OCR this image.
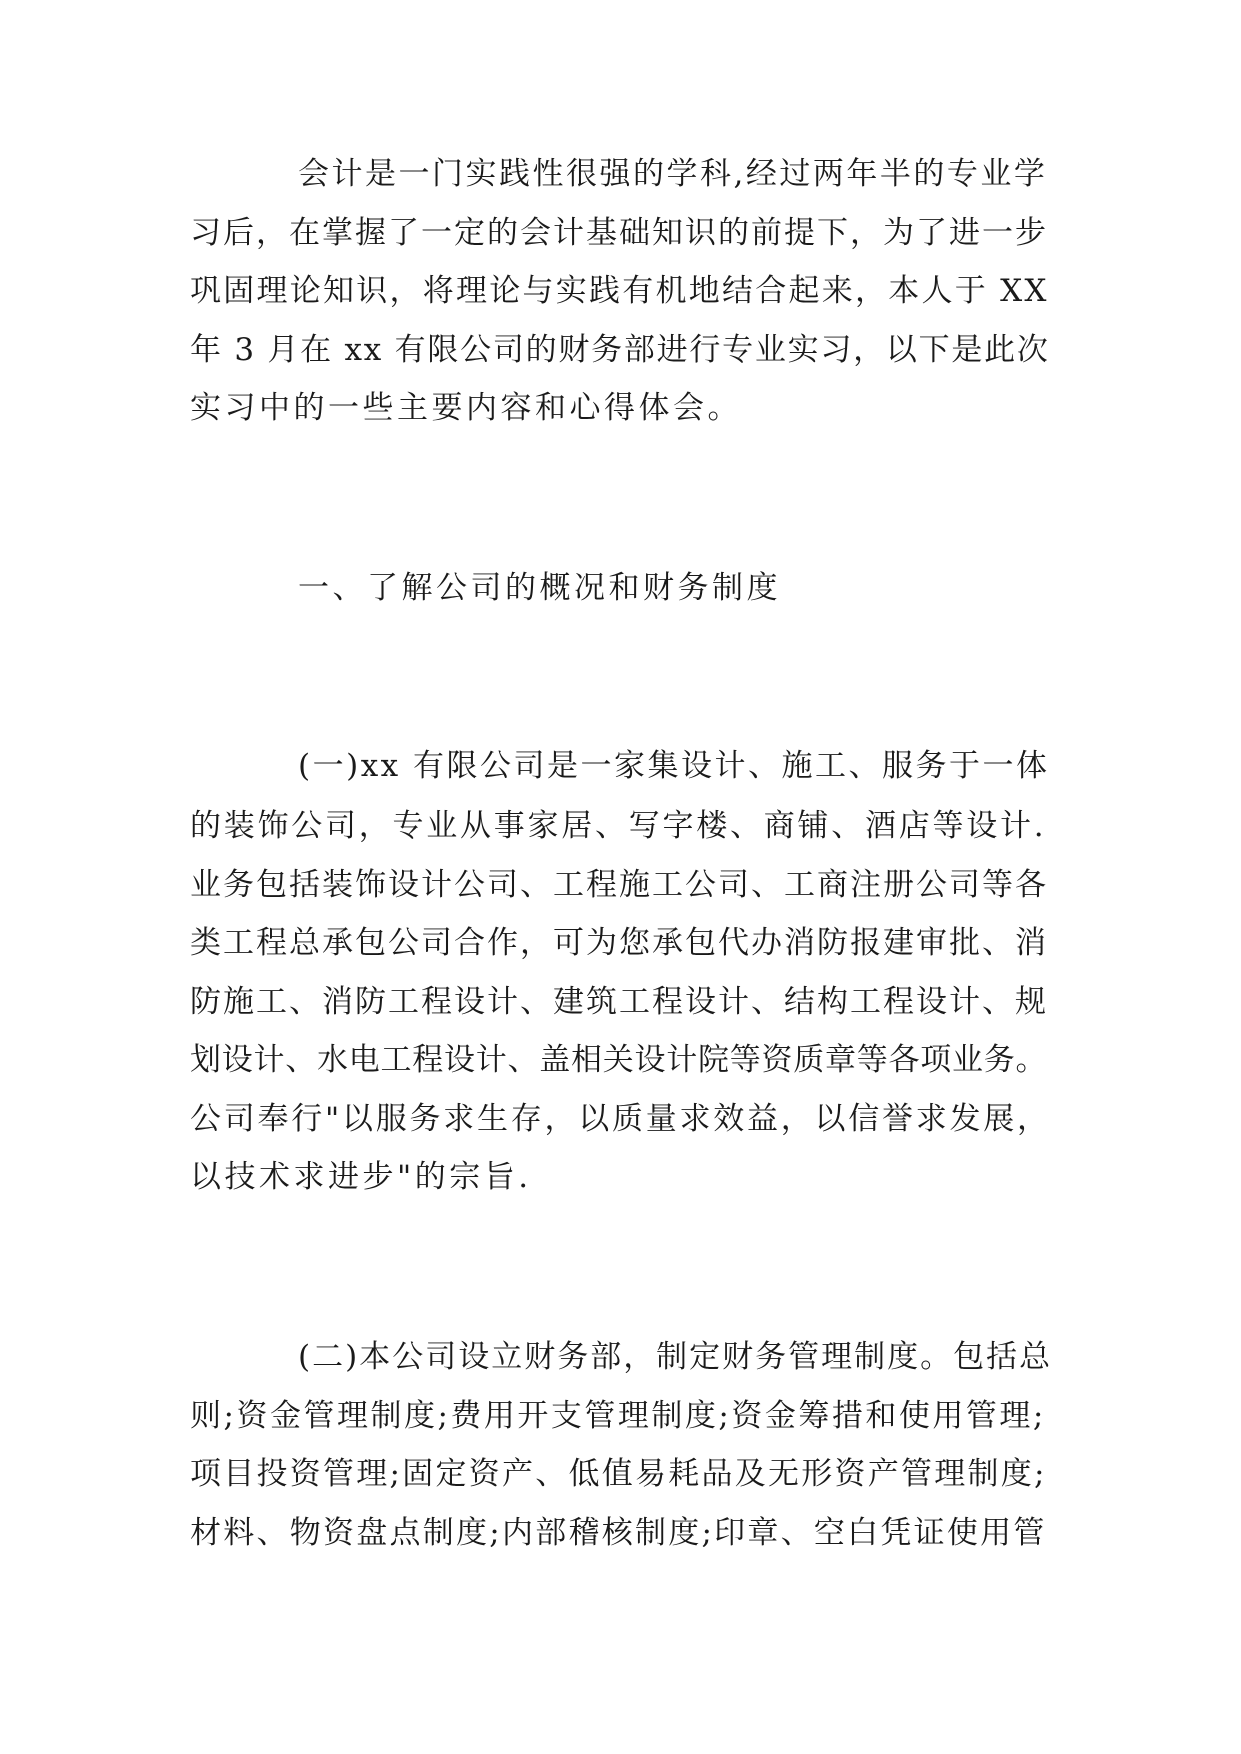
会计是一门实践性很强的学科,经过两年半的专业学
习后，在掌握了一定的会计基础知识的前提下，为了进一步
巩固理论知识，将理论与实践有机地结合起来，本人于 XX
年 3 月在 xx 有限公司的财务部进行专业实习，以下是此次
实习中的一些主要内容和心得体会。
一、了解公司的概况和财务制度
(一)xx 有限公司是一家集设计、施工、服务于一体
的装饰公司，专业从事家居、写字楼、商铺、酒店等设计.
业务包括装饰设计公司、工程施工公司、工商注册公司等各
类工程总承包公司合作，可为您承包代办消防报建审批、消
防施工、消防工程设计、建筑工程设计、结构工程设计、规
划设计、水电工程设计、盖相关设计院等资质章等各项业务。
公司奉行"以服务求生存，以质量求效益，以信誉求发展，
以技术求进步"的宗旨.
(二)本公司设立财务部，制定财务管理制度。包括总
则;资金管理制度;费用开支管理制度;资金筹措和使用管理;
项目投资管理;固定资产、低值易耗品及无形资产管理制度;
材料、物资盘点制度;内部稽核制度;印章、空白凭证使用管
